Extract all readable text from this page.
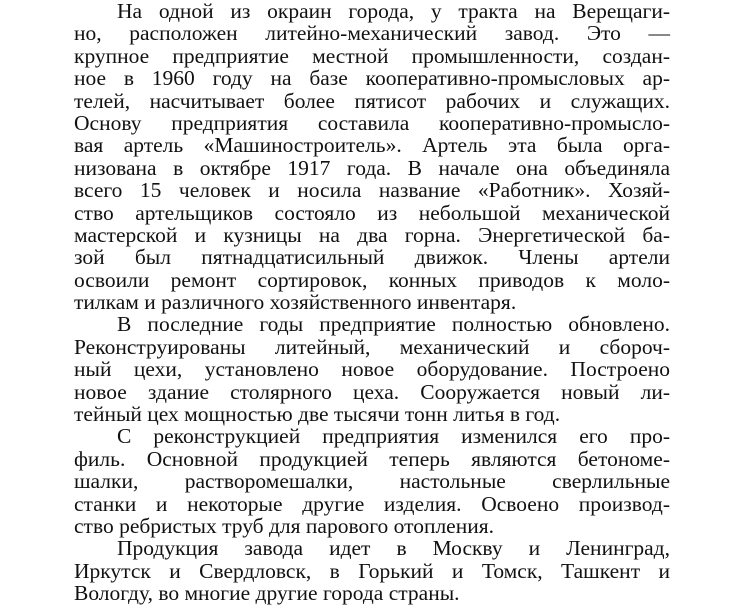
На одной из окраин города, у тракта на Верещаги-
но, расположен литейно-механический завод. Это —
крупное предприятие местной промышленности, создан-
ное в 1960 году на базе кооперативно-промысловых ар-
телей, насчитывает более пятисот рабочих и служащих.
Основу предприятия составила кооперативно-промысло-
вая артель «Машиностроитель». Артель эта была орга-
низована в октябре 1917 года. В начале она объединяла
всего 15 человек и носила название «Работник». Хозяй-
ство артельщиков состояло из небольшой механической
мастерской и кузницы на два горна. Энергетической ба-
зой был пятнадцатисильный движок. Члены артели
освоили ремонт сортировок, конных приводов к моло-
тилкам и различного хозяйственного инвентаря.
В последние годы предприятие полностью обновлено.
Реконструированы литейный, механический и сбороч-
ный цехи, установлено новое оборудование. Построено
новое здание столярного цеха. Сооружается новый ли-
тейный цех мощностью две тысячи тонн литья в год.
С реконструкцией предприятия изменился его про-
филь. Основной продукцией теперь являются бетономе-
шалки, растворомешалки, настольные сверлильные
станки и некоторые другие изделия. Освоено производ-
ство ребристых труб для парового отопления.
Продукция завода идет в Москву и Ленинград,
Иркутск и Свердловск, в Горький и Томск, Ташкент и
Вологду, во многие другие города страны.
